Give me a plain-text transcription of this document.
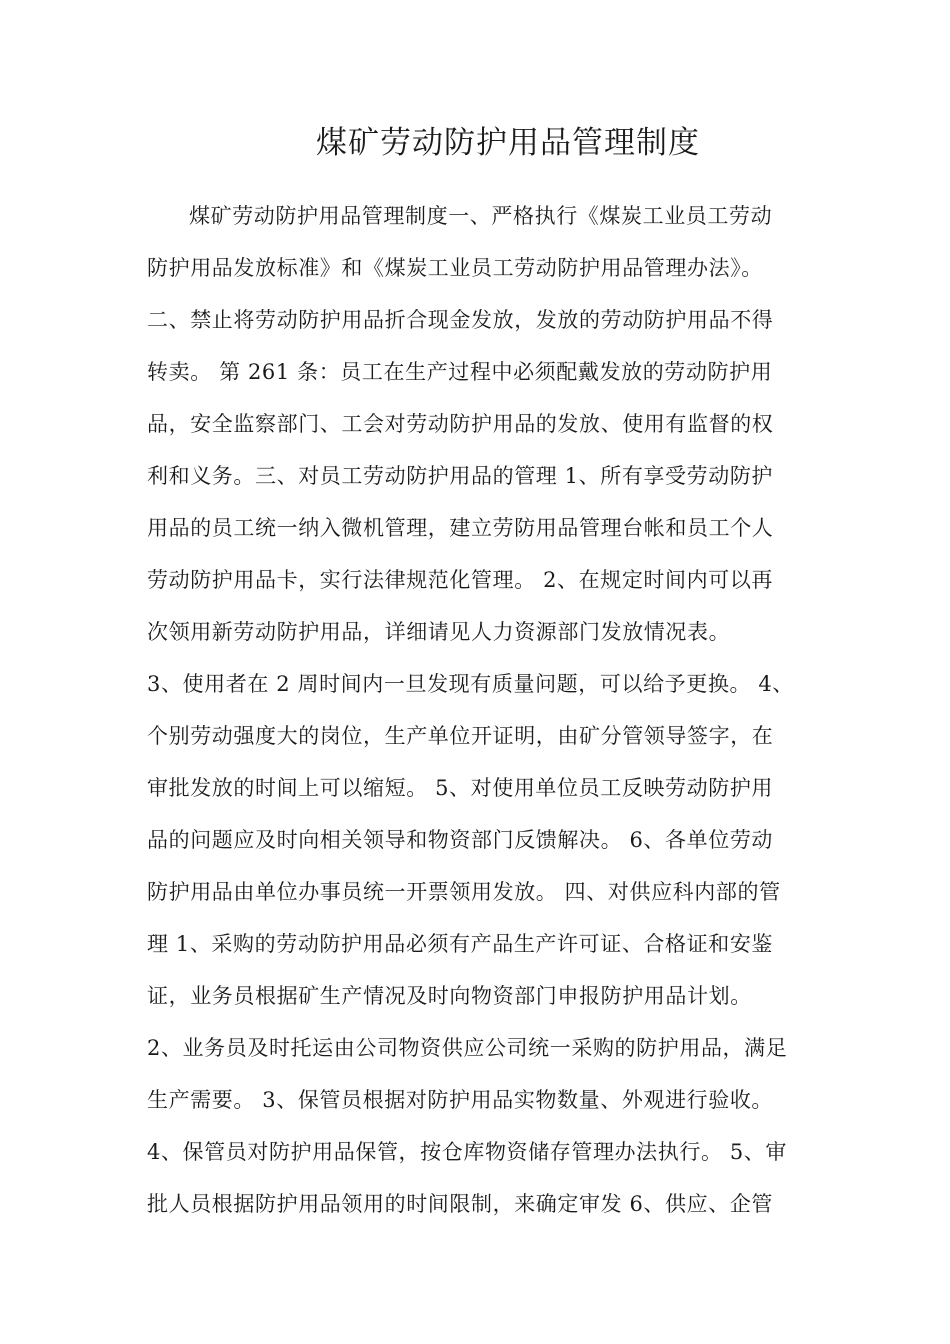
煤矿劳动防护用品管理制度
煤矿劳动防护用品管理制度一、严格执行《煤炭工业员工劳动
防护用品发放标准》和《煤炭工业员工劳动防护用品管理办法》。
二、禁止将劳动防护用品折合现金发放，发放的劳动防护用品不得
转卖。 第 261 条：员工在生产过程中必须配戴发放的劳动防护用
品，安全监察部门、工会对劳动防护用品的发放、使用有监督的权
利和义务。三、对员工劳动防护用品的管理 1、所有享受劳动防护
用品的员工统一纳入微机管理，建立劳防用品管理台帐和员工个人
劳动防护用品卡，实行法律规范化管理。 2、在规定时间内可以再
次领用新劳动防护用品，详细请见人力资源部门发放情况表。
3、使用者在 2 周时间内一旦发现有质量问题，可以给予更换。 4、
个别劳动强度大的岗位，生产单位开证明，由矿分管领导签字，在
审批发放的时间上可以缩短。 5、对使用单位员工反映劳动防护用
品的问题应及时向相关领导和物资部门反馈解决。 6、各单位劳动
防护用品由单位办事员统一开票领用发放。 四、对供应科内部的管
理 1、采购的劳动防护用品必须有产品生产许可证、合格证和安鉴
证，业务员根据矿生产情况及时向物资部门申报防护用品计划。
2、业务员及时托运由公司物资供应公司统一采购的防护用品，满足
生产需要。 3、保管员根据对防护用品实物数量、外观进行验收。
4、保管员对防护用品保管，按仓库物资储存管理办法执行。 5、审
批人员根据防护用品领用的时间限制，来确定审发 6、供应、企管
